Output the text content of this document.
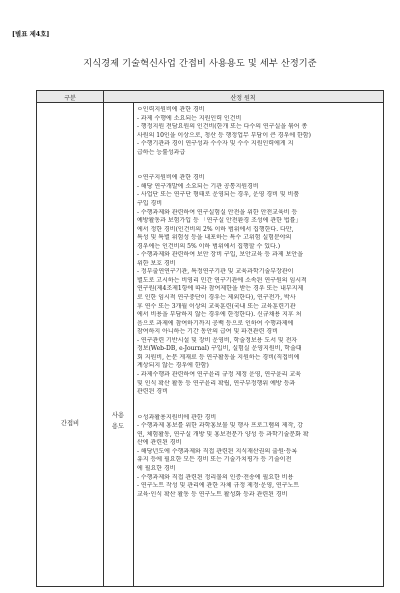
[별표 제4호]
지식경제 기술혁신사업 간접비 사용용도 및 세부 산정기준
구분	산정 원칙
간접비
사용
용도
ㅇ인력지원비에 관한 경비
- 과제 수행에 소요되는 지원인력 인건비
- 행정지원 전담요원의 인건비(한개 또는 다수의 연구실을 묶어 종
사원의 10인을 이상으로, 청산 등 행정업무 부담이 큰 경우에 한함)
- 수행기관과 경이 연구성과 수수자 및 수수 지원인력에게 지
급하는 능률성과급
ㅇ연구지원비에 관한 경비
- 해당 연구개발에 소요되는 기관 공통지원경비
- 사업단 또는 연구단 형태로 운영되는 경우, 운영 경비 및 비품
구입 경비
- 수행과제와 관련하여 연구실험실 안전을 위한 안전교육비 등
예방활동과 보험가입 등 「연구실 안전환경 조성에 관한 법률」
에서 정한 경비(인건비의 2% 이하 범위에서 집행한다. 다만,
특성 및 특별 위험성 등을 내포하는 특수 고위험 실험분야의
경우에는 인건비의 5% 이하 범위에서 집행할 수 있다.)
- 수행과제와 관련하여 보안 장비 구입, 보안교육 등 과제 보안을
위한 보호 경비
- 정부출연연구기관, 특정연구기관 및 교육과학기술부장관이
별도로 고시하는 비영리 민간 연구기관에 소속된 연구원의 임시적
연구원(제4조제1항에 따라 참여제한을 받는 경우 또는 내부지제
로 인한 임시적 연구중단이 경우는 제외한다), 연구전가, 박사
후 연수 또는 3개월 이상의 교육훈련(국내 또는 교육훈련기관
에서 비용을 부담하지 않는 경우에 한정한다). 신규채용 지후 처
음으로 과제에 참여하기까지 공백 등으로 인하여 수행과제에
참여하지 아니하는 기간 동안의 급여 및 파견관련 경비
- 연구관련 기반시설 및 장비 운영비, 학술정보용 도서 및 전자
정보(Web-DB, e-Journal) 구입비, 실험실 운영지원비, 학술대
회 지원비, 논문 게재료 등 연구활동을 지원하는 경비(직접비에
계상되지 않는 경우에 한함)
- 과제수행과 관련하여 연구윤리 규정 제정 운영, 연구윤리 교육
및 인식 확산 활동 등 연구윤리 확립, 연구부정행위 예방 등과
관련된 경비
ㅇ성과활용지원비에 관한 경비
- 수행과제 홍보를 위한 과학홍보물 및 행사 프로그램의 제작, 강
연, 체험활동, 연구실 개방 및 홍보전문가 양성 등 과학기술문화 확
산에 관련된 경비
- 해당년도에 수행과제와 직접 관련된 지식재산권의 출원·등록
유지 등에 필요한 모든 경비 또는 기술가치평가 등 기술이전
에 필요한 경비
- 수행과제와 직접 관련된 정리물의 인증·전송에 필요한 비용
- 연구노트 작성 및 관리에 관한 자체 규정 제정·운영, 연구노트
교육·인식 확산 활동 등 연구노트 활성화 등과 관련된 경비
